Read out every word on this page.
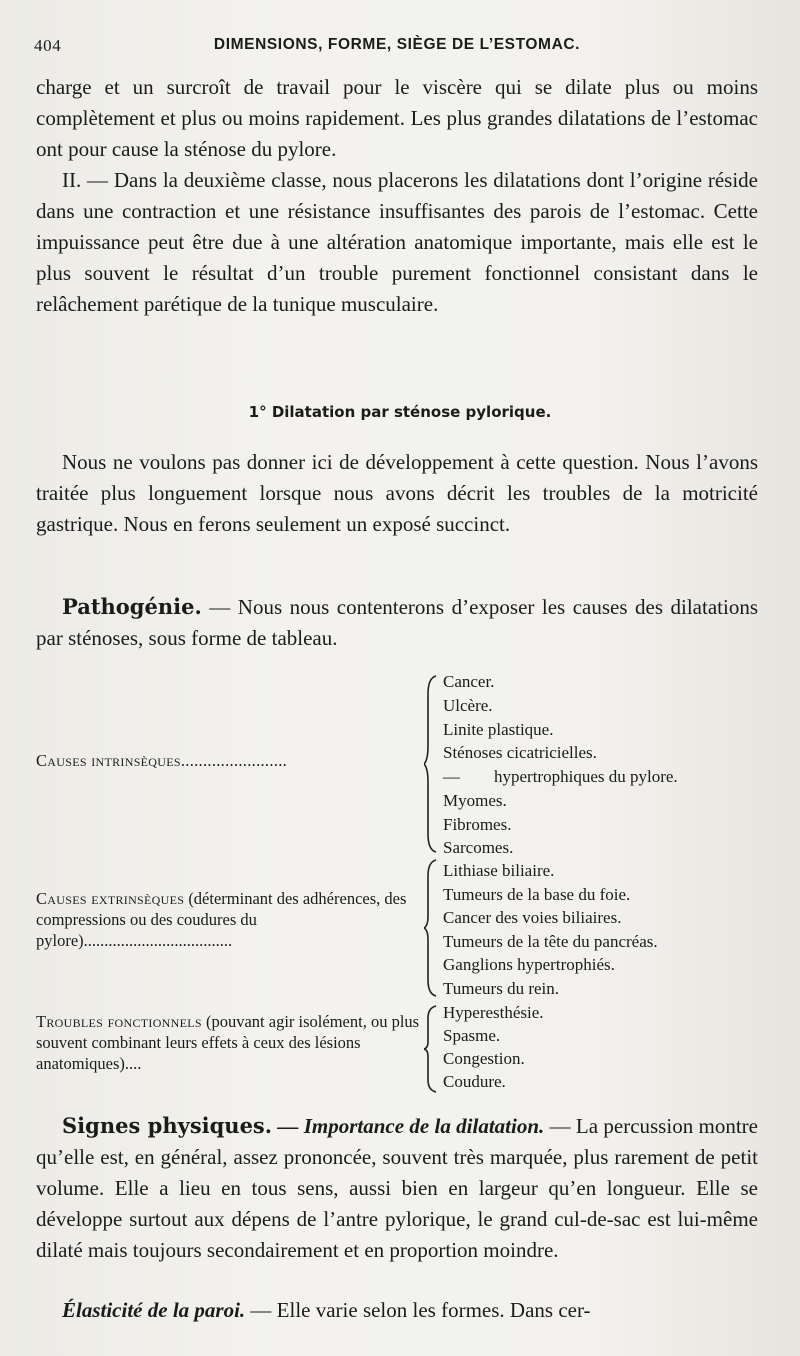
404	DIMENSIONS, FORME, SIÈGE DE L’ESTOMAC.

charge et un surcroît de travail pour le viscère qui se dilate plus ou moins complètement et plus ou moins rapidement. Les plus grandes dilatations de l’estomac ont pour cause la sténose du pylore.

II. — Dans la deuxième classe, nous placerons les dilatations dont l’origine réside dans une contraction et une résistance insuffisantes des parois de l’estomac. Cette impuissance peut être due à une altération anatomique importante, mais elle est le plus souvent le résultat d’un trouble purement fonctionnel consistant dans le relâchement parétique de la tunique musculaire.

1° Dilatation par sténose pylorique.

Nous ne voulons pas donner ici de développement à cette question. Nous l’avons traitée plus longuement lorsque nous avons décrit les troubles de la motricité gastrique. Nous en ferons seulement un exposé succinct.

Pathogénie. — Nous nous contenterons d’exposer les causes des dilatations par sténoses, sous forme de tableau.

Causes intrinsèques........................
Cancer.
Ulcère.
Linite plastique.
Sténoses cicatricielles.
—        hypertrophiques du pylore.
Myomes.
Fibromes.
Sarcomes.
Causes extrinsèques (déterminant des adhérences, des compressions ou des coudures du pylore)....................................
Lithiase biliaire.
Tumeurs de la base du foie.
Cancer des voies biliaires.
Tumeurs de la tête du pancréas.
Ganglions hypertrophiés.
Tumeurs du rein.
Troubles fonctionnels (pouvant agir isolément, ou plus souvent combinant leurs effets à ceux des lésions anatomiques)....
Hyperesthésie.
Spasme.
Congestion.
Coudure.

Signes physiques. — Importance de la dilatation. — La percussion montre qu’elle est, en général, assez prononcée, souvent très marquée, plus rarement de petit volume. Elle a lieu en tous sens, aussi bien en largeur qu’en longueur. Elle se développe surtout aux dépens de l’antre pylorique, le grand cul-de-sac est lui-même dilaté mais toujours secondairement et en proportion moindre.

Élasticité de la paroi. — Elle varie selon les formes. Dans cer-
